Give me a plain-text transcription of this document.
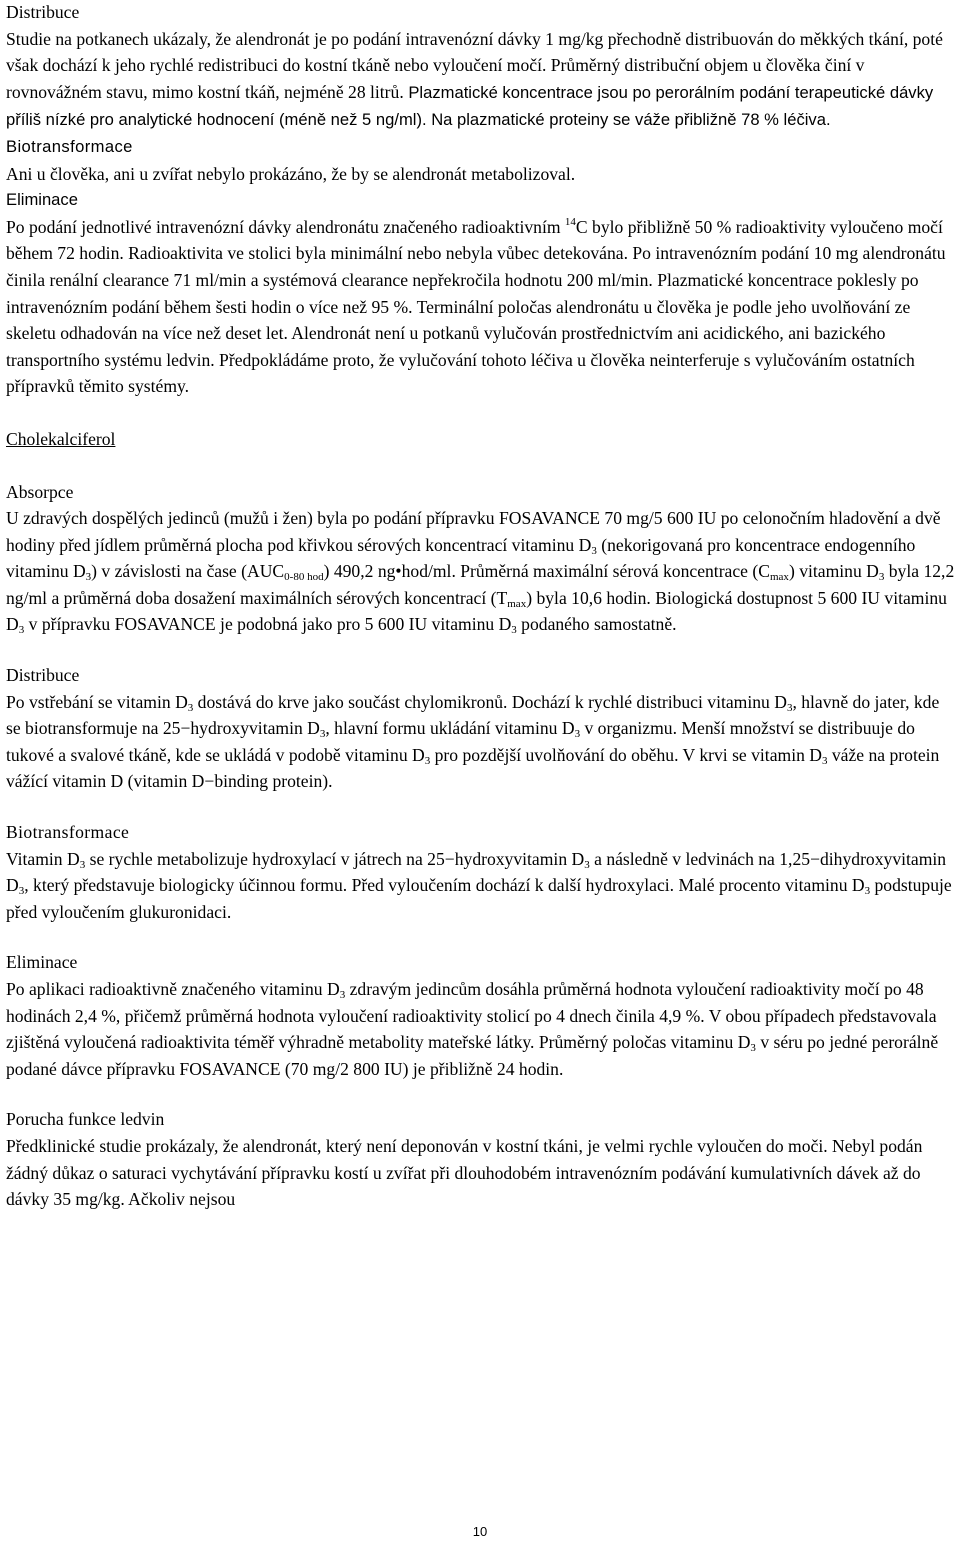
Distribuce
Studie na potkanech ukázaly, že alendronát je po podání intravenózní dávky 1 mg/kg přechodně distribuován do měkkých tkání, poté však dochází k jeho rychlé redistribuci do kostní tkáně nebo vyloučení močí. Průměrný distribuční objem u člověka činí v rovnovážném stavu, mimo kostní tkáň, nejméně 28 litrů. Plazmatické koncentrace jsou po perorálním podání terapeutické dávky příliš nízké pro analytické hodnocení (méně než 5 ng/ml). Na plazmatické proteiny se váže přibližně 78 % léčiva.
Biotransformace
Ani u člověka, ani u zvířat nebylo prokázáno, že by se alendronát metabolizoval.
Eliminace
Po podání jednotlivé intravenózní dávky alendronátu značeného radioaktivním $^{14}$C bylo přibližně 50 % radioaktivity vyloučeno močí během 72 hodin. Radioaktivita ve stolici byla minimální nebo nebyla vůbec detekována. Po intravenózním podání 10 mg alendronátu činila renální clearance 71 ml/min a systémová clearance nepřekročila hodnotu 200 ml/min. Plazmatické koncentrace poklesly po intravenózním podání během šesti hodin o více než 95 %. Terminální poločas alendronátu u člověka je podle jeho uvolňování ze skeletu odhadován na více než deset let. Alendronát není u potkanů vylučován prostřednictvím ani acidického, ani bazického transportního systému ledvin. Předpokládáme proto, že vylučování tohoto léčiva u člověka neinterferuje s vylučováním ostatních přípravků těmito systémy.
Cholekalciferol
Absorpce
U zdravých dospělých jedinců (mužů i žen) byla po podání přípravku FOSAVANCE 70 mg/5 600 IU po celonočním hladovění a dvě hodiny před jídlem průměrná plocha pod křivkou sérových koncentrací vitaminu $D_3$ (nekorigovaná pro koncentrace endogenního vitaminu $D_3$) v závislosti na čase $(AUC_{0-80 hod})$ 490,2 ng•hod/ml. Průměrná maximální sérová koncentrace $(C_{max})$ vitaminu $D_3$ byla 12,2 ng/ml a průměrná doba dosažení maximálních sérových koncentrací $(T_{max})$ byla 10,6 hodin. Biologická dostupnost 5 600 IU vitaminu $D_3$ v přípravku FOSAVANCE je podobná jako pro 5 600 IU vitaminu $D_3$ podaného samostatně.
Distribuce
Po vstřebání se vitamin $D_3$ dostává do krve jako součást chylomikronů. Dochází k rychlé distribuci vitaminu $D_3$, hlavně do jater, kde se biotransformuje na 25−hydroxyvitamin $D_3$, hlavní formu ukládání vitaminu $D_3$ v organizmu. Menší množství se distribuuje do tukové a svalové tkáně, kde se ukládá v podobě vitaminu $D_3$ pro pozdější uvolňování do oběhu. V krvi se vitamin $D_3$ váže na protein vážící vitamin D (vitamin D−binding protein).
Biotransformace
Vitamin $D_3$ se rychle metabolizuje hydroxylací v játrech na 25−hydroxyvitamin $D_3$ a následně v ledvinách na 1,25−dihydroxyvitamin $D_3$, který představuje biologicky účinnou formu. Před vyloučením dochází k další hydroxylaci. Malé procento vitaminu $D_3$ podstupuje před vyloučením glukuronidaci.
Eliminace
Po aplikaci radioaktivně značeného vitaminu $D_3$ zdravým jedincům dosáhla průměrná hodnota vyloučení radioaktivity močí po 48 hodinách 2,4 %, přičemž průměrná hodnota vyloučení radioaktivity stolicí po 4 dnech činila 4,9 %. V obou případech představovala zjištěná vyloučená radioaktivita téměř výhradně metabolity mateřské látky. Průměrný poločas vitaminu $D_3$ v séru po jedné perorálně podané dávce přípravku FOSAVANCE (70 mg/2 800 IU) je přibližně 24 hodin.
Porucha funkce ledvin
Předklinické studie prokázaly, že alendronát, který není deponován v kostní tkáni, je velmi rychle vyloučen do moči. Nebyl podán žádný důkaz o saturaci vychytávání přípravku kostí u zvířat při dlouhodobém intravenózním podávání kumulativních dávek až do dávky 35 mg/kg. Ačkoliv nejsou
10
